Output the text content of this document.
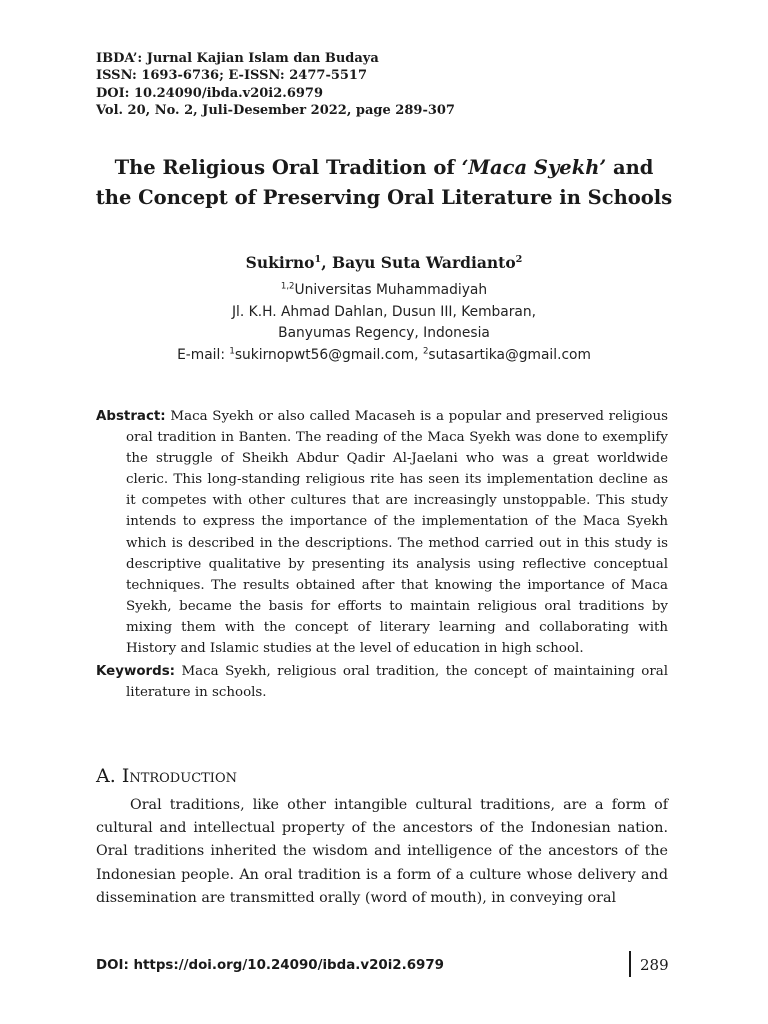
IBDA’: Jurnal Kajian Islam dan Budaya
ISSN: 1693-6736; E-ISSN: 2477-5517
DOI: 10.24090/ibda.v20i2.6979
Vol. 20, No. 2, Juli-Desember 2022, page 289-307
The Religious Oral Tradition of ‘Maca Syekh’ and
the Concept of Preserving Oral Literature in Schools
Sukirno$^1$, Bayu Suta Wardianto$^2$
$^{1,2}$Universitas Muhammadiyah
Jl. K.H. Ahmad Dahlan, Dusun III, Kembaran,
Banyumas Regency, Indonesia
E-mail: $^1$sukirnopwt56@gmail.com, $^2$sutasartika@gmail.com
Abstract: Maca Syekh or also called Macaseh is a popular and preserved religious oral tradition in Banten. The reading of the Maca Syekh was done to exemplify the struggle of Sheikh Abdur Qadir Al-Jaelani who was a great worldwide cleric. This long-standing religious rite has seen its implementation decline as it competes with other cultures that are increasingly unstoppable. This study intends to express the importance of the implementation of the Maca Syekh which is described in the descriptions. The method carried out in this study is descriptive qualitative by presenting its analysis using reflective conceptual techniques. The results obtained after that knowing the importance of Maca Syekh, became the basis for efforts to maintain religious oral traditions by mixing them with the concept of literary learning and collaborating with History and Islamic studies at the level of education in high school.
Keywords: Maca Syekh, religious oral tradition, the concept of maintaining oral literature in schools.
A. Introduction

Oral traditions, like other intangible cultural traditions, are a form of cultural and intellectual property of the ancestors of the Indonesian nation. Oral traditions inherited the wisdom and intelligence of the ancestors of the Indonesian people. An oral tradition is a form of a culture whose delivery and dissemination are transmitted orally (word of mouth), in conveying oral

DOI: https://doi.org/10.24090/ibda.v20i2.6979	289
